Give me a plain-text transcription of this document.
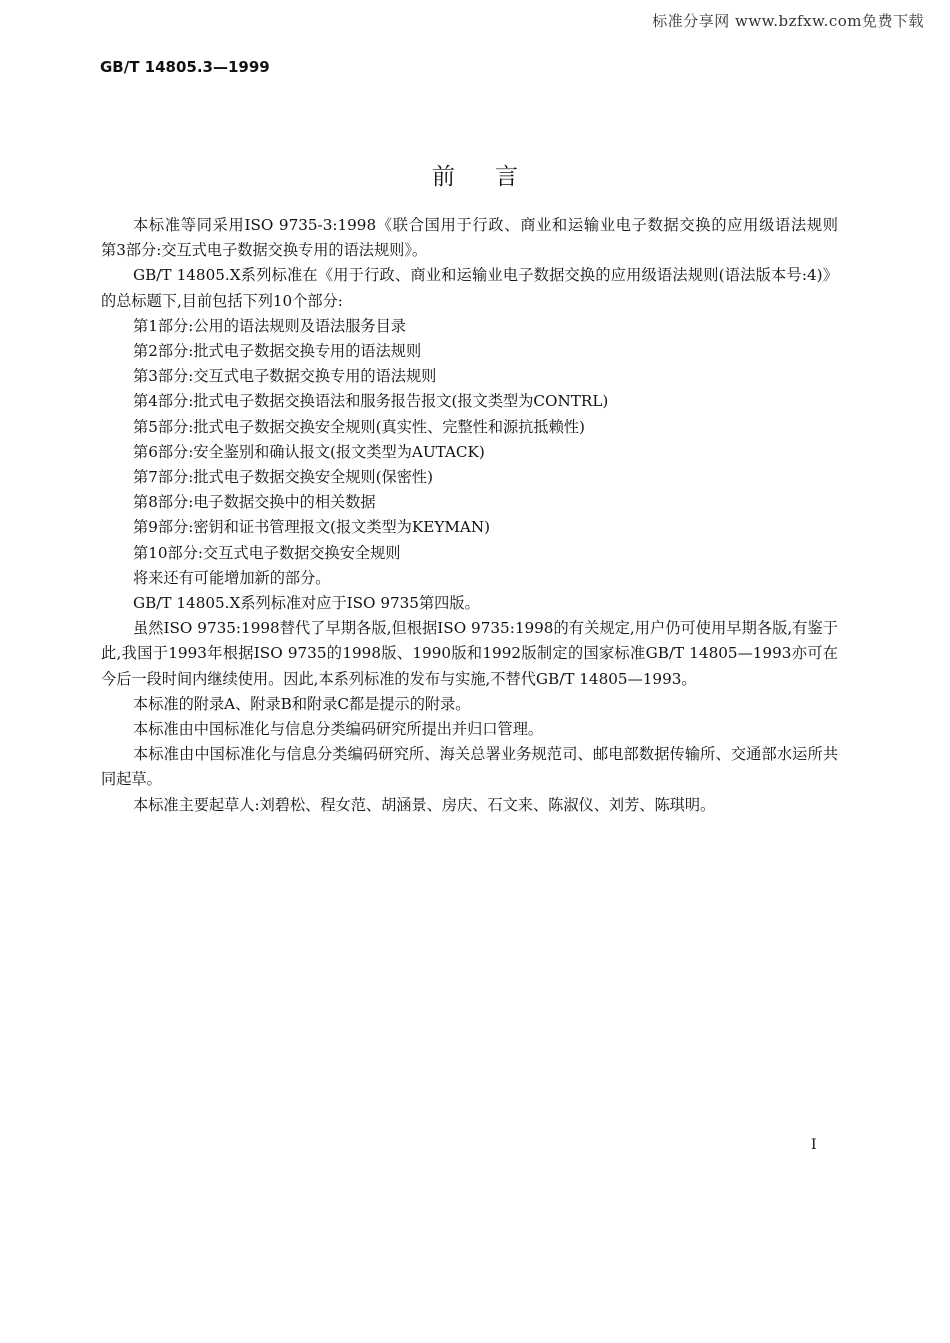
标准分享网 www.bzfxw.com免费下载
GB/T 14805.3—1999
前言

本标准等同采用ISO 9735-3:1998《联合国用于行政、商业和运输业电子数据交换的应用级语法规则　第3部分:交互式电子数据交换专用的语法规则》。

GB/T 14805.X系列标准在《用于行政、商业和运输业电子数据交换的应用级语法规则(语法版本号:4)》的总标题下,目前包括下列10个部分:

第1部分:公用的语法规则及语法服务目录

第2部分:批式电子数据交换专用的语法规则

第3部分:交互式电子数据交换专用的语法规则

第4部分:批式电子数据交换语法和服务报告报文(报文类型为CONTRL)

第5部分:批式电子数据交换安全规则(真实性、完整性和源抗抵赖性)

第6部分:安全鉴别和确认报文(报文类型为AUTACK)

第7部分:批式电子数据交换安全规则(保密性)

第8部分:电子数据交换中的相关数据

第9部分:密钥和证书管理报文(报文类型为KEYMAN)

第10部分:交互式电子数据交换安全规则

将来还有可能增加新的部分。

GB/T 14805.X系列标准对应于ISO 9735第四版。

虽然ISO 9735:1998替代了早期各版,但根据ISO 9735:1998的有关规定,用户仍可使用早期各版,有鉴于此,我国于1993年根据ISO 9735的1998版、1990版和1992版制定的国家标准GB/T 14805—1993亦可在今后一段时间内继续使用。因此,本系列标准的发布与实施,不替代GB/T 14805—1993。

本标准的附录A、附录B和附录C都是提示的附录。

本标准由中国标准化与信息分类编码研究所提出并归口管理。

本标准由中国标准化与信息分类编码研究所、海关总署业务规范司、邮电部数据传输所、交通部水运所共同起草。

本标准主要起草人:刘碧松、程女范、胡涵景、房庆、石文来、陈淑仪、刘芳、陈琪明。

I
